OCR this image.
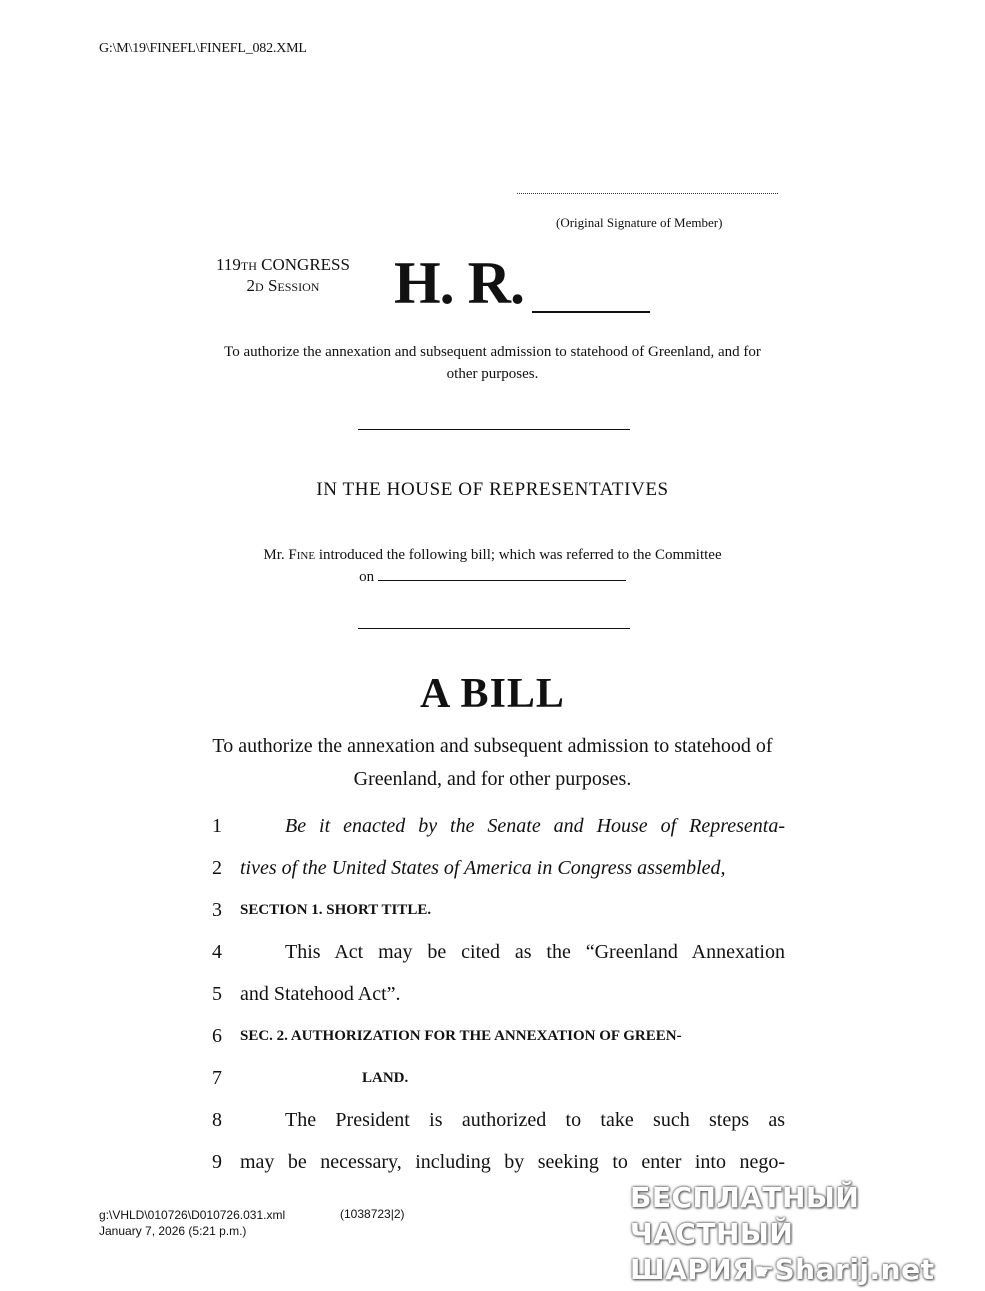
G:\M\19\FINEFL\FINEFL_082.XML
(Original Signature of Member)
119TH CONGRESS
2D Session	H. R.
To authorize the annexation and subsequent admission to statehood of Greenland, and for other purposes.
IN THE HOUSE OF REPRESENTATIVES
Mr. Fine introduced the following bill; which was referred to the Committee
on
A BILL
To authorize the annexation and subsequent admission to statehood of Greenland, and for other purposes.
1	Be it enacted by the Senate and House of Representa-
2 tives of the United States of America in Congress assembled,
3	SECTION 1. SHORT TITLE.
4	This Act may be cited as the “Greenland Annexation
5 and Statehood Act”.
6	SEC. 2. AUTHORIZATION FOR THE ANNEXATION OF GREEN-
7	LAND.
8	The President is authorized to take such steps as
9 may be necessary, including by seeking to enter into nego-
g:\VHLD\010726\D010726.031.xml
January 7, 2026 (5:21 p.m.)
(1038723|2)	БЕСПЛАТНЫЙ ЧАСТНЫЙ
ШАРИЯ☛Sharij.net
